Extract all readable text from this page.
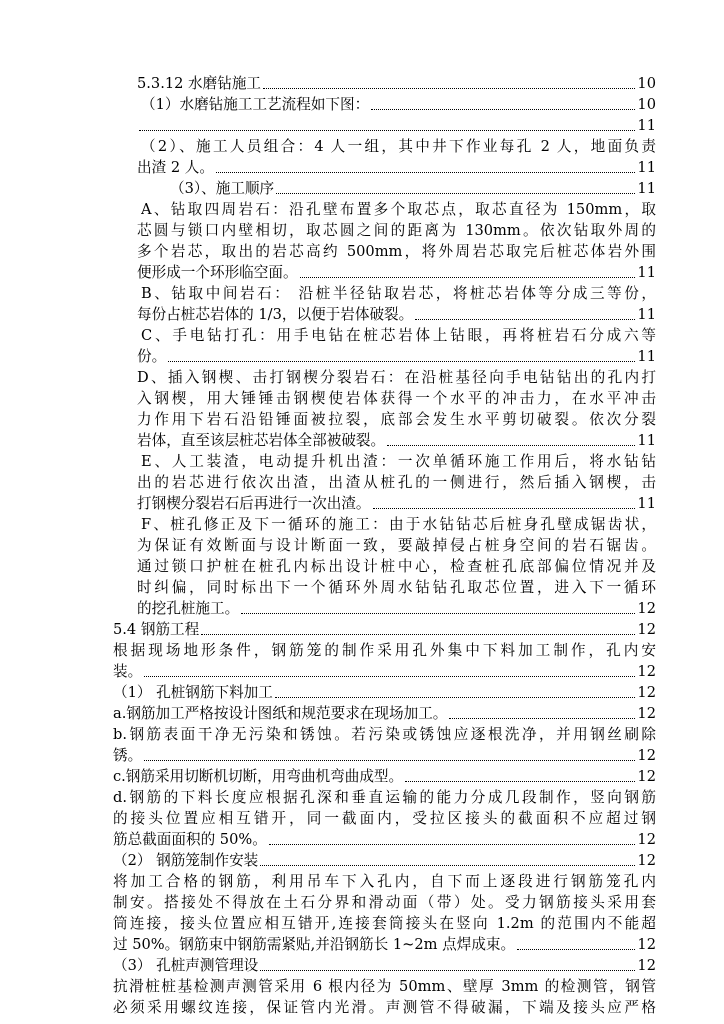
5.3.12 水磨钻施工	10
（1）水磨钻施工工艺流程如下图：	10
11
（2）、施工人员组合：4 人一组，其中井下作业每孔 2 人，地面负责
出渣 2 人。	11
（3）、施工顺序	11
A、钻取四周岩石：沿孔壁布置多个取芯点，取芯直径为 150mm，取
芯圆与锁口内壁相切，取芯圆之间的距离为 130mm。依次钻取外周的
多个岩芯，取出的岩芯高约 500mm，将外周岩芯取完后桩芯体岩外围
便形成一个环形临空面。	11
B、钻取中间岩石： 沿桩半径钻取岩芯，将桩芯岩体等分成三等份，
每份占桩芯岩体的 1/3，以便于岩体破裂。	11
C、手电钻打孔：用手电钻在桩芯岩体上钻眼，再将桩岩石分成六等
份。	11
D、插入钢楔、击打钢楔分裂岩石：在沿桩基径向手电钻钻出的孔内打
入钢楔，用大锤锤击钢楔使岩体获得一个水平的冲击力，在水平冲击
力作用下岩石沿铅锤面被拉裂，底部会发生水平剪切破裂。依次分裂
岩体，直至该层桩芯岩体全部被破裂。	11
E、人工装渣，电动提升机出渣：一次单循环施工作用后，将水钻钻
出的岩芯进行依次出渣，出渣从桩孔的一侧进行，然后插入钢楔，击
打钢楔分裂岩石后再进行一次出渣。	11
F、桩孔修正及下一循环的施工：由于水钻钻芯后桩身孔壁成锯齿状，
为保证有效断面与设计断面一致，要敲掉侵占桩身空间的岩石锯齿。
通过锁口护桩在桩孔内标出设计桩中心，检查桩孔底部偏位情况并及
时纠偏，同时标出下一个循环外周水钻钻孔取芯位置，进入下一循环
的挖孔桩施工。	12
5.4 钢筋工程	12
根据现场地形条件，钢筋笼的制作采用孔外集中下料加工制作，孔内安
装。	12
（1） 孔桩钢筋下料加工	12
a.钢筋加工严格按设计图纸和规范要求在现场加工。	12
b.钢筋表面干净无污染和锈蚀。若污染或锈蚀应逐根洗净，并用钢丝刷除
锈。	12
c.钢筋采用切断机切断，用弯曲机弯曲成型。	12
d.钢筋的下料长度应根据孔深和垂直运输的能力分成几段制作，竖向钢筋
的接头位置应相互错开，同一截面内，受拉区接头的截面积不应超过钢
筋总截面面积的 50%。	12
（2） 钢筋笼制作安装	12
将加工合格的钢筋，利用吊车下入孔内，自下而上逐段进行钢筋笼孔内
制安。搭接处不得放在土石分界和滑动面（带）处。受力钢筋接头采用套
筒连接，接头位置应相互错开,连接套筒接头在竖向 1.2m 的范围内不能超
过 50%。钢筋束中钢筋需紧贴,并沿钢筋长 1~2m 点焊成束。	12
（3） 孔桩声测管理设	12
抗滑桩桩基检测声测管采用 6 根内径为 50mm、壁厚 3mm 的检测管，钢管
必须采用螺纹连接，保证管内光滑。声测管不得破漏，下端及接头应严格
